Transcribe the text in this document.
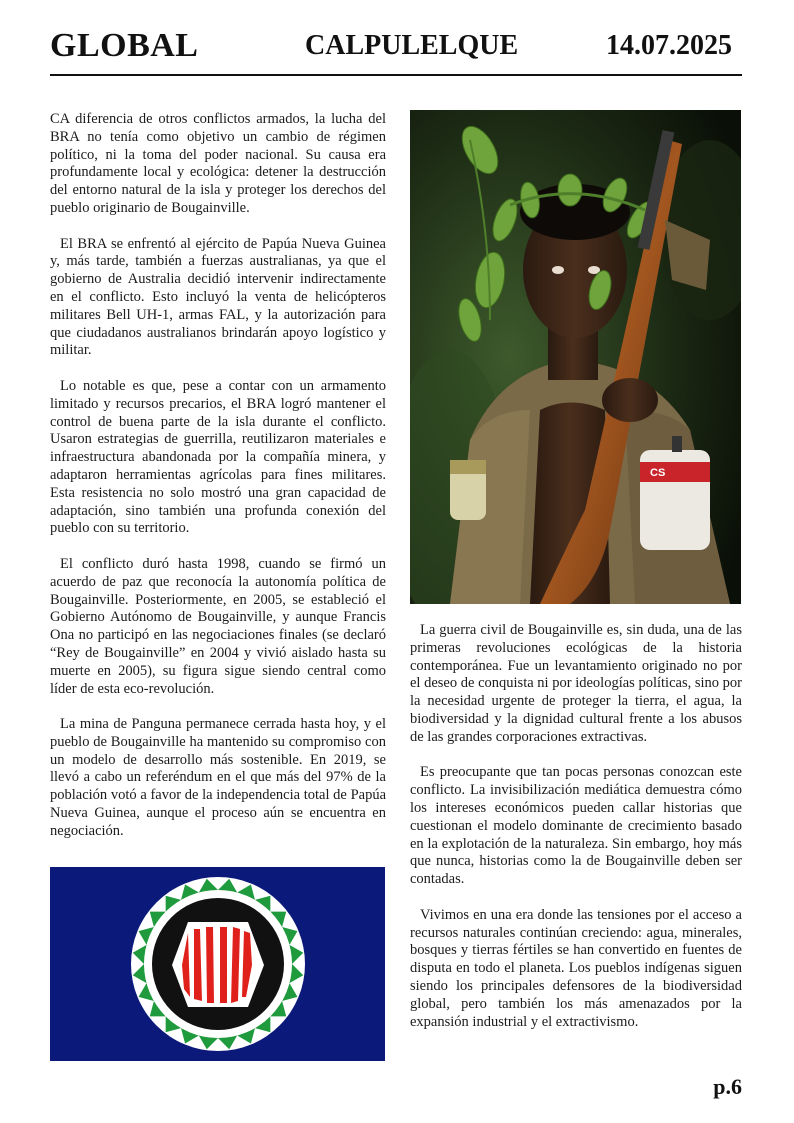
GLOBAL	CALPULELQUE	14.07.2025

CA diferencia de otros conflictos armados, la lucha del BRA no tenía como objetivo un cambio de régimen político, ni la toma del poder nacional. Su causa era profundamente local y ecológica: detener la destrucción del entorno natural de la isla y proteger los derechos del pueblo originario de Bougainville.

El BRA se enfrentó al ejército de Papúa Nueva Guinea y, más tarde, también a fuerzas australianas, ya que el gobierno de Australia decidió intervenir indirectamente en el conflicto. Esto incluyó la venta de helicópteros militares Bell UH-1, armas FAL, y la autorización para que ciudadanos australianos brindarán apoyo logístico y militar.

Lo notable es que, pese a contar con un armamento limitado y recursos precarios, el BRA logró mantener el control de buena parte de la isla durante el conflicto. Usaron estrategias de guerrilla, reutilizaron materiales e infraestructura abandonada por la compañía minera, y adaptaron herramientas agrícolas para fines militares. Esta resistencia no solo mostró una gran capacidad de adaptación, sino también una profunda conexión del pueblo con su territorio.

El conflicto duró hasta 1998, cuando se firmó un acuerdo de paz que reconocía la autonomía política de Bougainville. Posteriormente, en 2005, se estableció el Gobierno Autónomo de Bougainville, y aunque Francis Ona no participó en las negociaciones finales (se declaró “Rey de Bougainville” en 2004 y vivió aislado hasta su muerte en 2005), su figura sigue siendo central como líder de esta eco-revolución.

La mina de Panguna permanece cerrada hasta hoy, y el pueblo de Bougainville ha mantenido su compromiso con un modelo de desarrollo más sostenible. En 2019, se llevó a cabo un referéndum en el que más del 97% de la población votó a favor de la independencia total de Papúa Nueva Guinea, aunque el proceso aún se encuentra en negociación.

CS

La guerra civil de Bougainville es, sin duda, una de las primeras revoluciones ecológicas de la historia contemporánea. Fue un levantamiento originado no por el deseo de conquista ni por ideologías políticas, sino por la necesidad urgente de proteger la tierra, el agua, la biodiversidad y la dignidad cultural frente a los abusos de las grandes corporaciones extractivas.

Es preocupante que tan pocas personas conozcan este conflicto. La invisibilización mediática demuestra cómo los intereses económicos pueden callar historias que cuestionan el modelo dominante de crecimiento basado en la explotación de la naturaleza. Sin embargo, hoy más que nunca, historias como la de Bougainville deben ser contadas.

Vivimos en una era donde las tensiones por el acceso a recursos naturales continúan creciendo: agua, minerales, bosques y tierras fértiles se han convertido en fuentes de disputa en todo el planeta. Los pueblos indígenas siguen siendo los principales defensores de la biodiversidad global, pero también los más amenazados por la expansión industrial y el extractivismo.

p.6
